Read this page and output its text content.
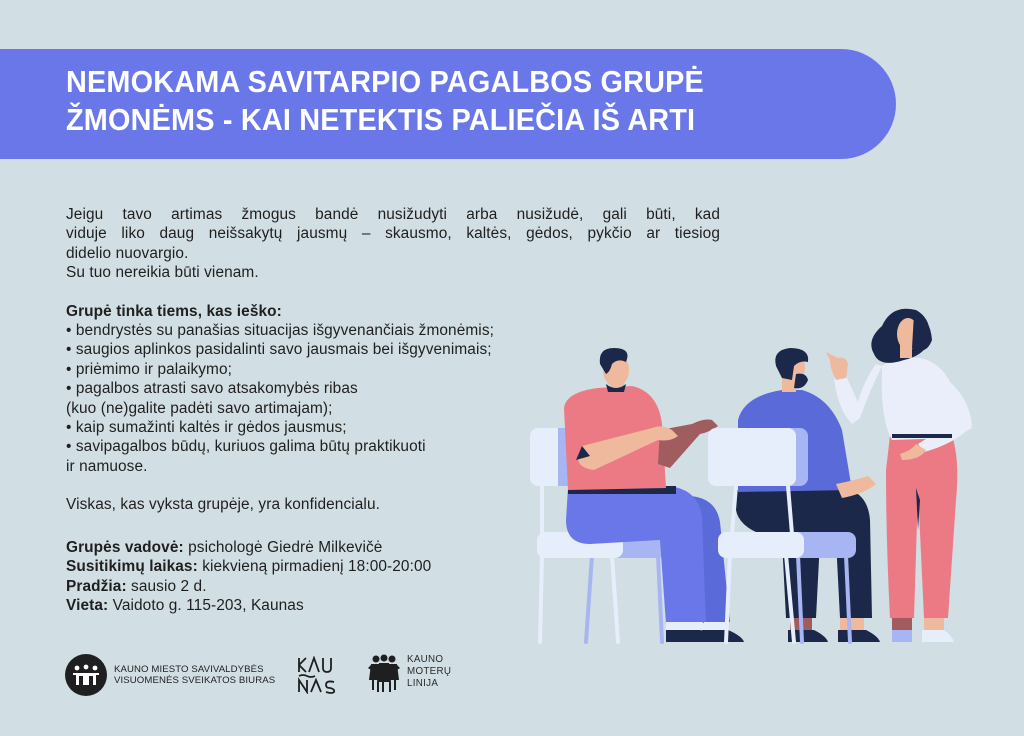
NEMOKAMA SAVITARPIO PAGALBOS GRUPĖ
ŽMONĖMS - KAI NETEKTIS PALIEČIA IŠ ARTI

Jeigu tavo artimas žmogus bandė nusižudyti arba nusižudė, gali būti, kad
viduje liko daug neišsakytų jausmų – skausmo, kaltės, gėdos, pykčio ar tiesiog
didelio nuovargio.
Su tuo nereikia būti vienam.

Grupė tinka tiems, kas ieško:

• bendrystės su panašias situacijas išgyvenančiais žmonėmis;
• saugios aplinkos pasidalinti savo jausmais bei išgyvenimais;
• priėmimo ir palaikymo;
• pagalbos atrasti savo atsakomybės ribas
(kuo (ne)galite padėti savo artimajam);
• kaip sumažinti kaltės ir gėdos jausmus;
• savipagalbos būdų, kuriuos galima būtų praktikuoti
ir namuose.

Viskas, kas vyksta grupėje, yra konfidencialu.

Grupės vadovė: psichologė Giedrė Milkevičė
Susitikimų laikas: kiekvieną pirmadienį 18:00-20:00
Pradžia: sausio 2 d.
Vieta: Vaidoto g. 115-203, Kaunas
KAUNO MIESTO SAVIVALDYBĖS
VISUOMENĖS SVEIKATOS BIURAS
KAUNO
MOTERŲ
LINIJA
